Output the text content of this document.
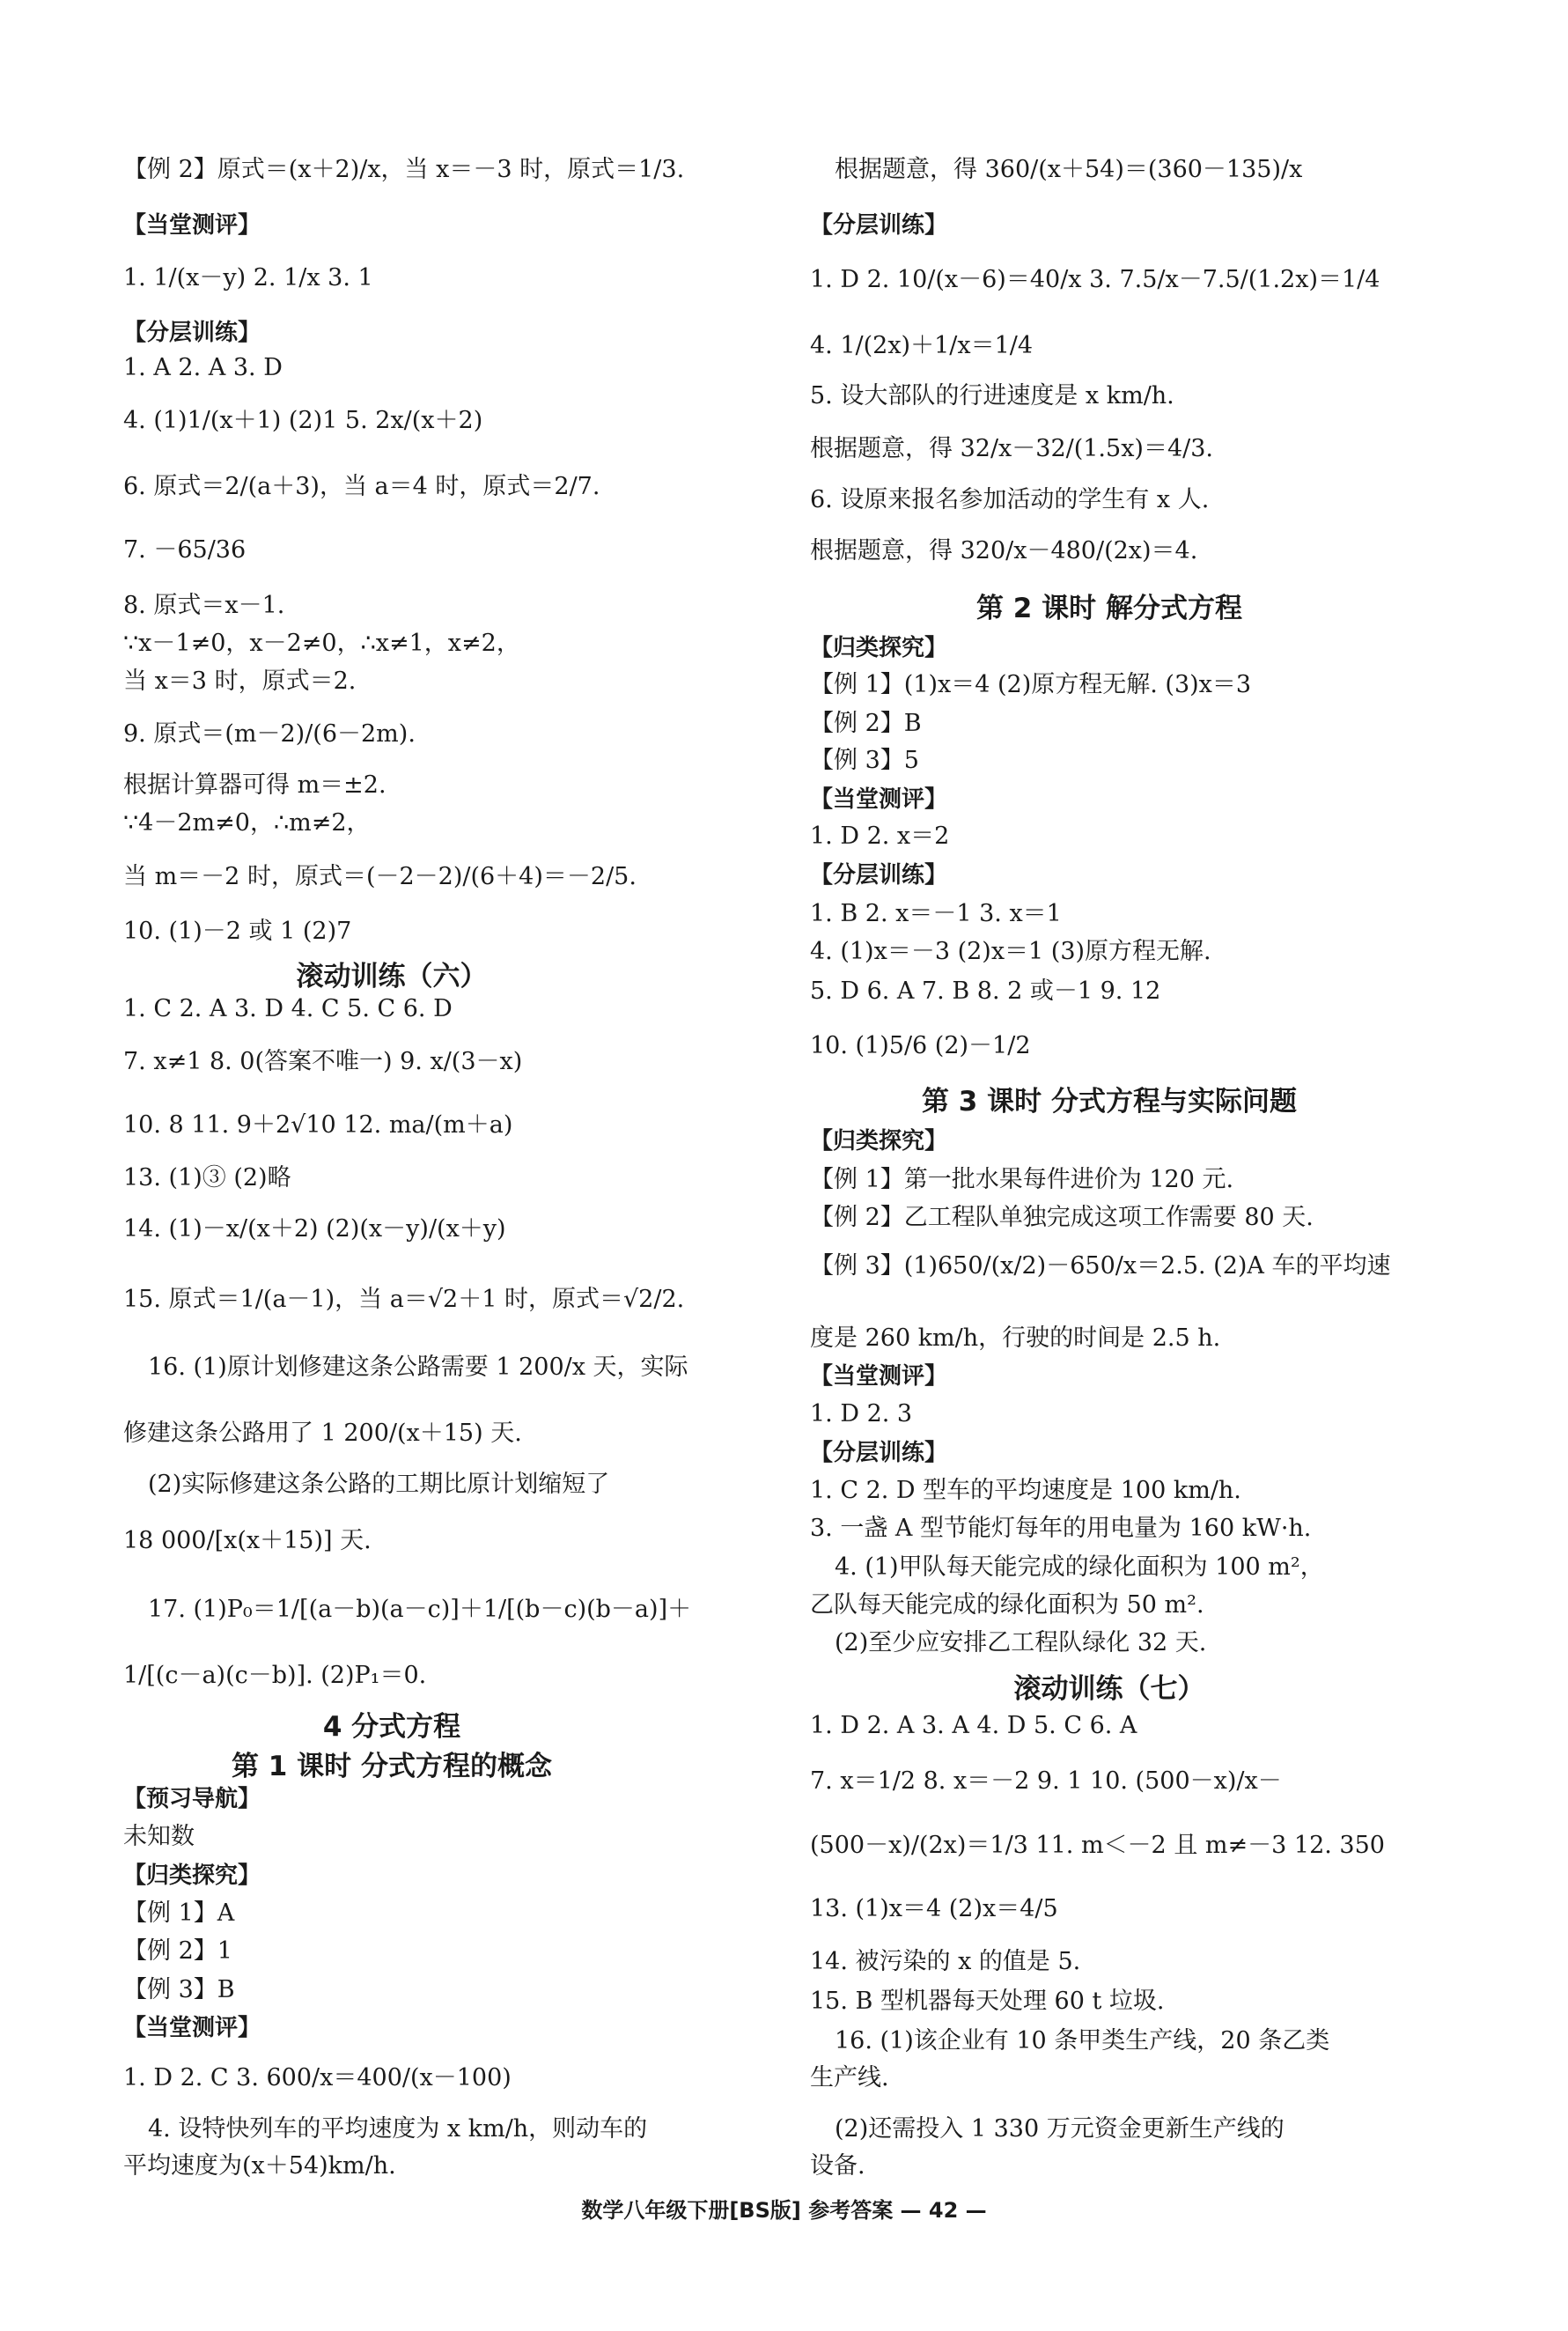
【例 2】原式＝(x＋2)/x，当 x＝－3 时，原式＝1/3.
【当堂测评】
1. 1/(x－y) 2. 1/x 3. 1
【分层训练】
1. A 2. A 3. D
4. (1)1/(x＋1) (2)1 5. 2x/(x＋2)
6. 原式＝2/(a＋3)，当 a＝4 时，原式＝2/7.
7. －65/36
8. 原式＝x－1.
∵x－1≠0，x－2≠0，∴x≠1，x≠2，
当 x＝3 时，原式＝2.
9. 原式＝(m－2)/(6－2m).
根据计算器可得 m＝±2.
∵4－2m≠0，∴m≠2，
当 m＝－2 时，原式＝(－2－2)/(6＋4)＝－2/5.
10. (1)－2 或 1 (2)7
滚动训练（六）
1. C 2. A 3. D 4. C 5. C 6. D
7. x≠1 8. 0(答案不唯一) 9. x/(3－x)
10. 8 11. 9＋2√10 12. ma/(m＋a)
13. (1)③ (2)略
14. (1)－x/(x＋2) (2)(x－y)/(x＋y)
15. 原式＝1/(a－1)，当 a＝√2＋1 时，原式＝√2/2.
16. (1)原计划修建这条公路需要 1 200/x 天，实际
修建这条公路用了 1 200/(x＋15) 天.
(2)实际修建这条公路的工期比原计划缩短了
18 000/[x(x＋15)] 天.
17. (1)P₀＝1/[(a－b)(a－c)]＋1/[(b－c)(b－a)]＋
1/[(c－a)(c－b)]. (2)P₁＝0.
4 分式方程
第 1 课时 分式方程的概念
【预习导航】
未知数
【归类探究】
【例 1】A
【例 2】1
【例 3】B
【当堂测评】
1. D 2. C 3. 600/x＝400/(x－100)
4. 设特快列车的平均速度为 x km/h，则动车的
平均速度为(x＋54)km/h.
根据题意，得 360/(x＋54)＝(360－135)/x
【分层训练】
1. D 2. 10/(x－6)＝40/x 3. 7.5/x－7.5/(1.2x)＝1/4
4. 1/(2x)＋1/x＝1/4
5. 设大部队的行进速度是 x km/h.
根据题意，得 32/x－32/(1.5x)＝4/3.
6. 设原来报名参加活动的学生有 x 人.
根据题意，得 320/x－480/(2x)＝4.
第 2 课时 解分式方程
【归类探究】
【例 1】(1)x＝4 (2)原方程无解. (3)x＝3
【例 2】B
【例 3】5
【当堂测评】
1. D 2. x＝2
【分层训练】
1. B 2. x＝－1 3. x＝1
4. (1)x＝－3 (2)x＝1 (3)原方程无解.
5. D 6. A 7. B 8. 2 或－1 9. 12
10. (1)5/6 (2)－1/2
第 3 课时 分式方程与实际问题
【归类探究】
【例 1】第一批水果每件进价为 120 元.
【例 2】乙工程队单独完成这项工作需要 80 天.
【例 3】(1)650/(x/2)－650/x＝2.5. (2)A 车的平均速
度是 260 km/h，行驶的时间是 2.5 h.
【当堂测评】
1. D 2. 3
【分层训练】
1. C 2. D 型车的平均速度是 100 km/h.
3. 一盏 A 型节能灯每年的用电量为 160 kW·h.
4. (1)甲队每天能完成的绿化面积为 100 m²，
乙队每天能完成的绿化面积为 50 m².
(2)至少应安排乙工程队绿化 32 天.
滚动训练（七）
1. D 2. A 3. A 4. D 5. C 6. A
7. x＝1/2 8. x＝－2 9. 1 10. (500－x)/x－
(500－x)/(2x)＝1/3 11. m＜－2 且 m≠－3 12. 350
13. (1)x＝4 (2)x＝4/5
14. 被污染的 x 的值是 5.
15. B 型机器每天处理 60 t 垃圾.
16. (1)该企业有 10 条甲类生产线，20 条乙类
生产线.
(2)还需投入 1 330 万元资金更新生产线的
设备.
数学八年级下册[BS版] 参考答案 — 42 —
